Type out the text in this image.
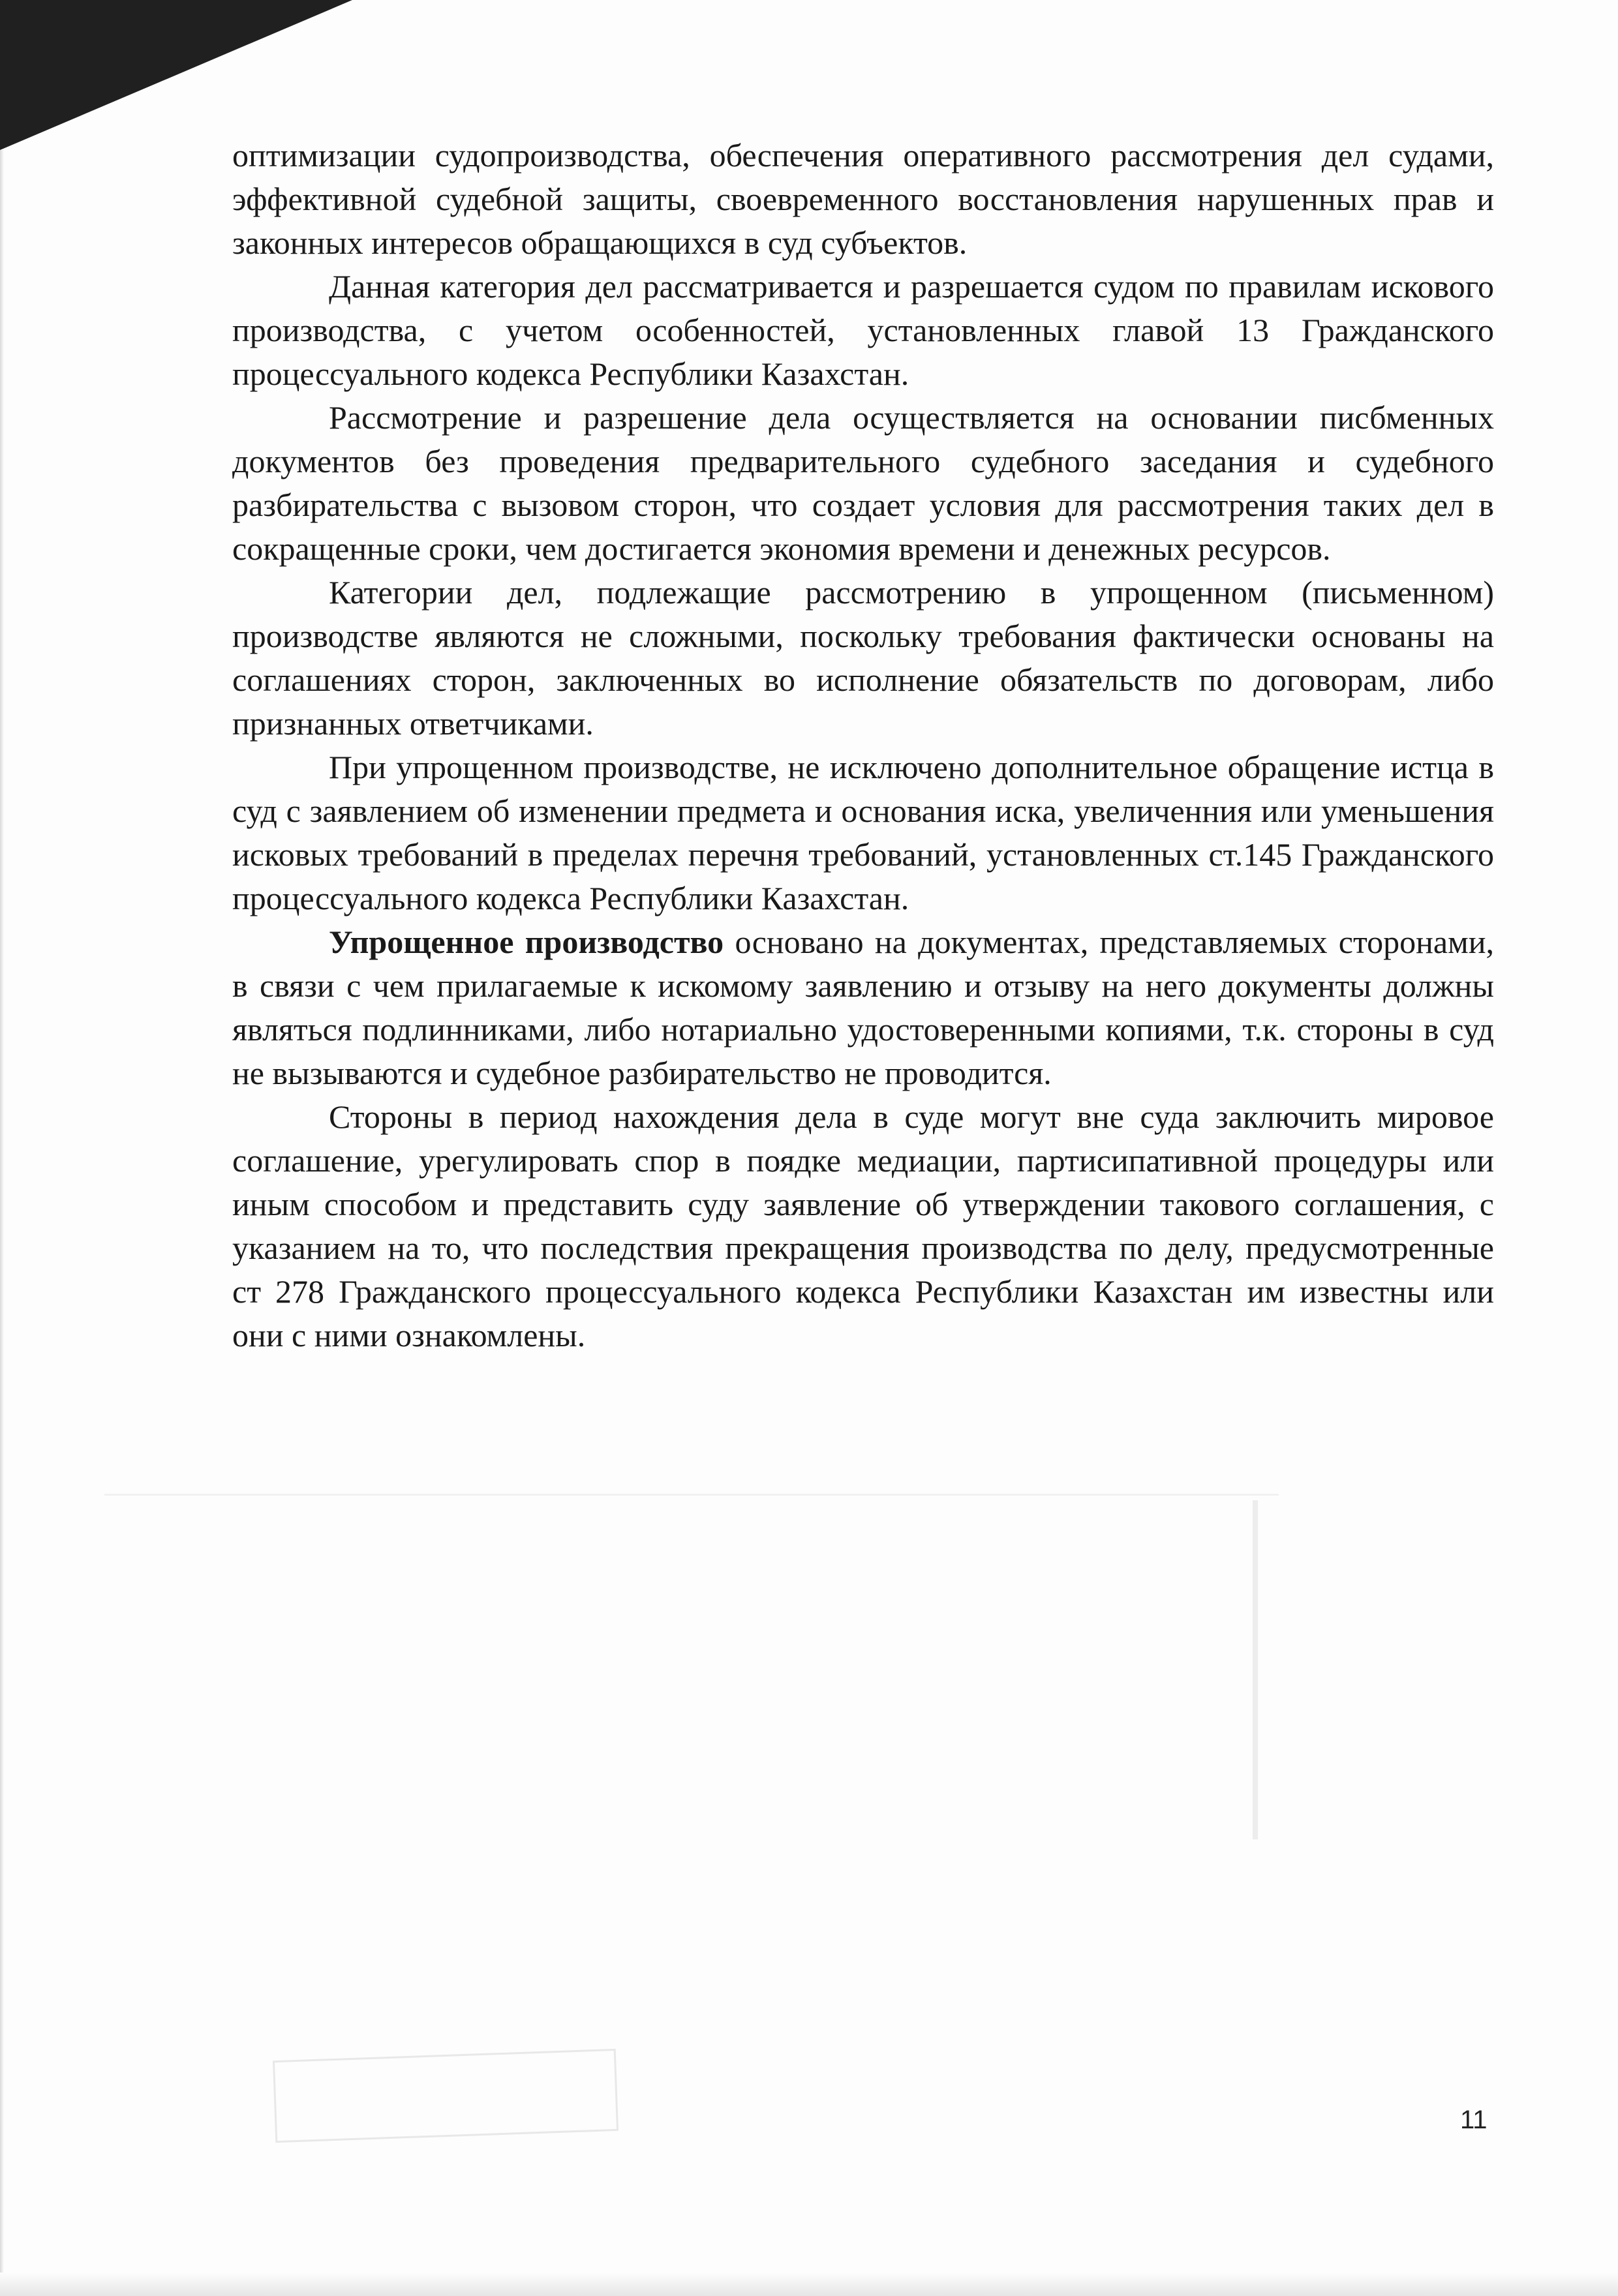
оптимизации судопроизводства, обеспечения оперативного рассмотрения дел судами, эффективной судебной защиты, своевременного восстановления нарушенных прав и законных интересов обращающихся в суд субъектов.

Данная категория дел рассматривается и разрешается судом по правилам искового производства, с учетом особенностей, установленных главой 13 Гражданского процессуального кодекса Республики Казахстан.

Рассмотрение и разрешение дела осуществляется на основании писбменных документов без проведения предварительного судебного заседания и судебного разбирательства с вызовом сторон, что создает условия для рассмотрения таких дел в сокращенные сроки, чем достигается экономия времени и денежных ресурсов.

Категории дел, подлежащие рассмотрению в упрощенном (письменном) производстве являются не сложными, поскольку требования фактически основаны на соглашениях сторон, заключенных во исполнение обязательств по договорам, либо признанных ответчиками.

При упрощенном производстве, не исключено дополнительное обращение истца в суд с заявлением об изменении предмета и основания иска, увеличенния или уменьшения исковых требований в пределах перечня требований, установленных ст.145 Гражданского процессуального кодекса Республики Казахстан.

Упрощенное производство основано на документах, представляемых сторонами, в связи с чем прилагаемые к искомому заявлению и отзыву на него документы должны являться подлинниками, либо нотариально удостоверенными копиями, т.к. стороны в суд не вызываются и судебное разбирательство не проводится.

Стороны в период нахождения дела в суде могут вне суда заключить мировое соглашение, урегулировать спор в поядке медиации, партисипативной процедуры или иным способом и представить суду заявление об утверждении такового соглашения, с указанием на то, что последствия прекращения производства по делу, предусмотренные ст 278 Гражданского процессуального кодекса Республики Казахстан им известны или они с ними ознакомлены.

11
